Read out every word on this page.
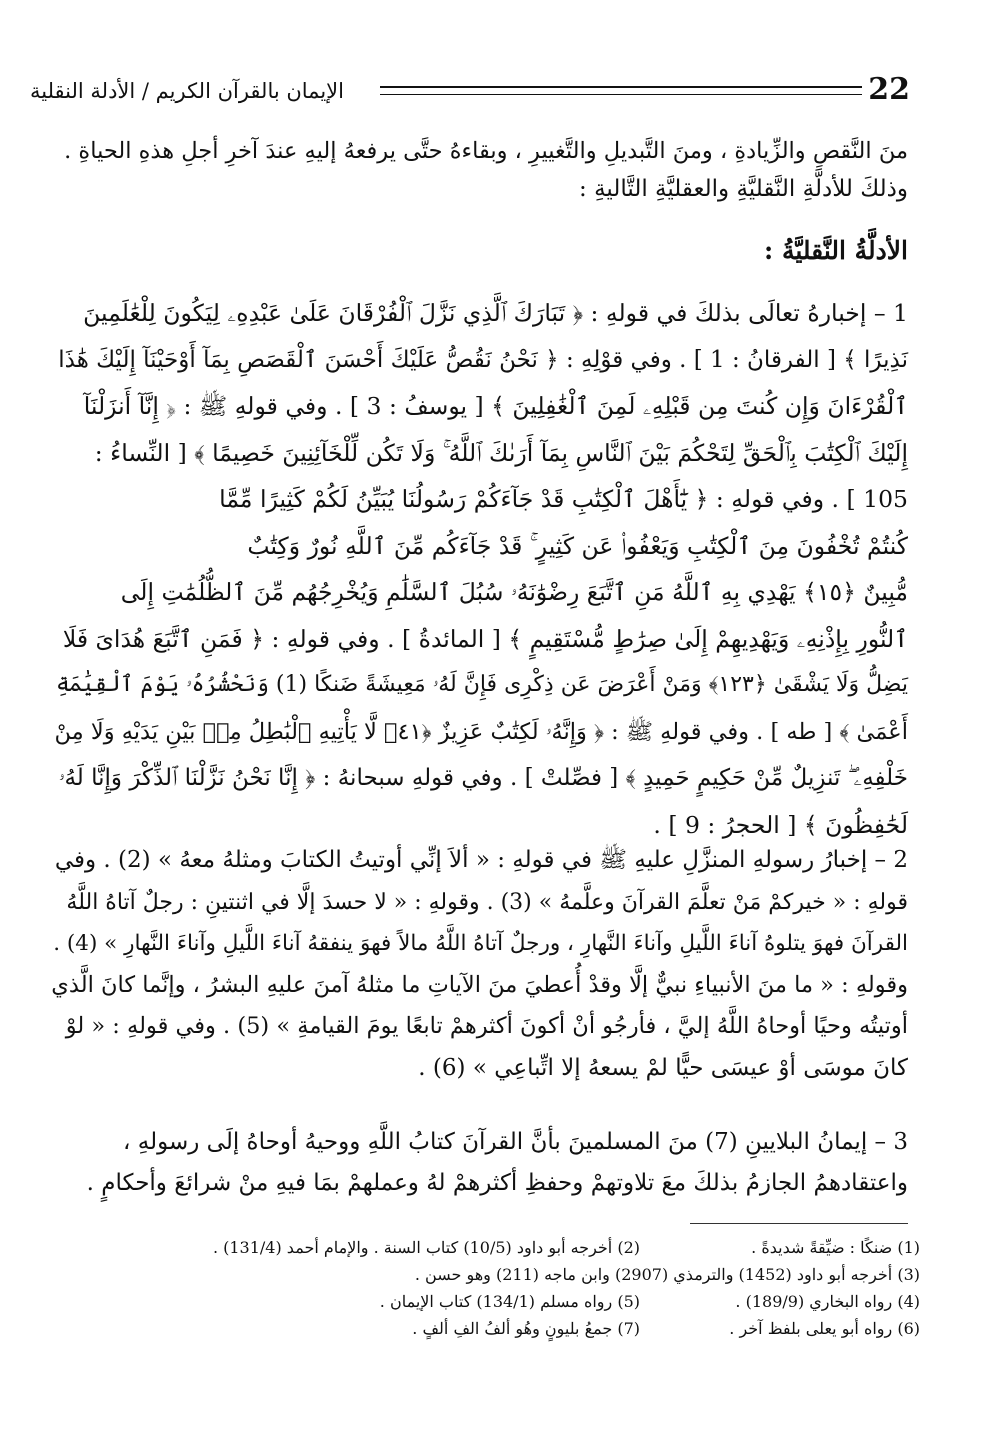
22
الإيمان بالقرآن الكريم / الأدلة النقلية
منَ النَّقصِ والزِّيادةِ ، ومنَ التَّبديلِ والتَّغييرِ ، وبقاءهُ حتَّى يرفعهُ إليهِ عندَ آخرِ أجلِ هذهِ الحياةِ .
وذلكَ للأدلَّةِ النَّقليَّةِ والعقليَّةِ التَّاليةِ :
الأدلَّةُ النَّقليَّةُ :
1 – إخبارهُ تعالَى بذلكَ في قولهِ : ﴿ تَبَارَكَ ٱلَّذِي نَزَّلَ ٱلْفُرْقَانَ عَلَىٰ عَبْدِهِۦ لِيَكُونَ لِلْعَٰلَمِينَ
نَذِيرًا ﴾ [ الفرقانُ : 1 ] . وفي قوْلِهِ : ﴿ نَحْنُ نَقُصُّ عَلَيْكَ أَحْسَنَ ٱلْقَصَصِ بِمَآ أَوْحَيْنَآ إِلَيْكَ هَٰذَا
ٱلْقُرْءَانَ وَإِن كُنتَ مِن قَبْلِهِۦ لَمِنَ ٱلْغَٰفِلِينَ ﴾ [ يوسفُ : 3 ] . وفي قولهِ ﷺ : ﴿ إِنَّآ أَنزَلْنَآ
إِلَيْكَ ٱلْكِتَٰبَ بِٱلْحَقِّ لِتَحْكُمَ بَيْنَ ٱلنَّاسِ بِمَآ أَرَىٰكَ ٱللَّهُ ۚ وَلَا تَكُن لِّلْخَآئِنِينَ خَصِيمًا ﴾ [ النِّساءُ :
105 ] . وفي قولهِ : ﴿ يَٰٓأَهْلَ ٱلْكِتَٰبِ قَدْ جَآءَكُمْ رَسُولُنَا يُبَيِّنُ لَكُمْ كَثِيرًا مِّمَّا
كُنتُمْ تُخْفُونَ مِنَ ٱلْكِتَٰبِ وَيَعْفُوا۟ عَن كَثِيرٍ ۚ قَدْ جَآءَكُم مِّنَ ٱللَّهِ نُورٌ وَكِتَٰبٌ
مُّبِينٌ ﴿١٥﴾ يَهْدِي بِهِ ٱللَّهُ مَنِ ٱتَّبَعَ رِضْوَٰنَهُۥ سُبُلَ ٱلسَّلَٰمِ وَيُخْرِجُهُم مِّنَ ٱلظُّلُمَٰتِ إِلَى
ٱلنُّورِ بِإِذْنِهِۦ وَيَهْدِيهِمْ إِلَىٰ صِرَٰطٍ مُّسْتَقِيمٍ ﴾ [ المائدةُ ] . وفي قولهِ : ﴿ فَمَنِ ٱتَّبَعَ هُدَاىَ فَلَا
يَضِلُّ وَلَا يَشْقَىٰ ﴿١٢٣﴾ وَمَنْ أَعْرَضَ عَن ذِكْرِى فَإِنَّ لَهُۥ مَعِيشَةً ضَنكًا (1) وَنَحْشُرُهُۥ يَوْمَ ٱلْقِيَٰمَةِ
أَعْمَىٰ ﴾ [ طه ] . وفي قولهِ ﷺ : ﴿ وَإِنَّهُۥ لَكِتَٰبٌ عَزِيزٌ ﴿٤١﴾ لَّا يَأْتِيهِ ٱلْبَٰطِلُ مِنۢ بَيْنِ يَدَيْهِ وَلَا مِنْ
خَلْفِهِۦ ۖ تَنزِيلٌ مِّنْ حَكِيمٍ حَمِيدٍ ﴾ [ فصِّلتْ ] . وفي قولهِ سبحانهُ : ﴿ إِنَّا نَحْنُ نَزَّلْنَا ٱلذِّكْرَ وَإِنَّا لَهُۥ
لَحَٰفِظُونَ ﴾ [ الحجرُ : 9 ] .
2 – إخبارُ رسولهِ المنزَّلِ عليهِ ﷺ في قولهِ : « ألاَ إنِّي أوتيتُ الكتابَ ومثلهُ معهُ » (2) . وفي
قولهِ : « خيركمْ مَنْ تعلَّمَ القرآنَ وعلَّمهُ » (3) . وقولهِ : « لا حسدَ إلَّا في اثنتينِ : رجلٌ آتاهُ اللَّهُ
القرآنَ فهوَ يتلوهُ آناءَ اللَّيلِ وآناءَ النَّهارِ ، ورجلٌ آتاهُ اللَّهُ مالاً فهوَ ينفقهُ آناءَ اللَّيلِ وآناءَ النَّهارِ » (4) .
وقولهِ : « ما منَ الأنبياءِ نبيٌّ إلَّا وقدْ أُعطيَ منَ الآياتِ ما مثلهُ آمنَ عليهِ البشرُ ، وإنَّما كانَ الَّذي
أوتيتُه وحيًا أوحاهُ اللَّهُ إليَّ ، فأرجُو أنْ أكونَ أكثرهمْ تابعًا يومَ القيامةِ » (5) . وفي قولهِ : « لوْ
كانَ موسَى أوْ عيسَى حيًّا لمْ يسعهُ إلا اتِّباعِي » (6) .
3 – إيمانُ البلايينِ (7) منَ المسلمينَ بأنَّ القرآنَ كتابُ اللَّهِ ووحيهُ أوحاهُ إلَى رسولهِ ،
واعتقادهمُ الجازمُ بذلكَ معَ تلاوتهمْ وحفظِ أكثرهمْ لهُ وعملهمْ بمَا فيهِ منْ شرائعَ وأحكامٍ .
(1) ضنكًا : ضيِّقةً شديدةً .
(2) أخرجه أبو داود (10/5) كتاب السنة . والإمام أحمد (131/4) .
(3) أخرجه أبو داود (1452) والترمذي (2907) وابن ماجه (211) وهو حسن .
(4) رواه البخاري (189/9) .
(5) رواه مسلم (134/1) كتاب الإيمان .
(6) رواه أبو يعلى بلفظ آخر .
(7) جمعُ بليونٍ وهُو ألفُ الفِ ألفٍ .
